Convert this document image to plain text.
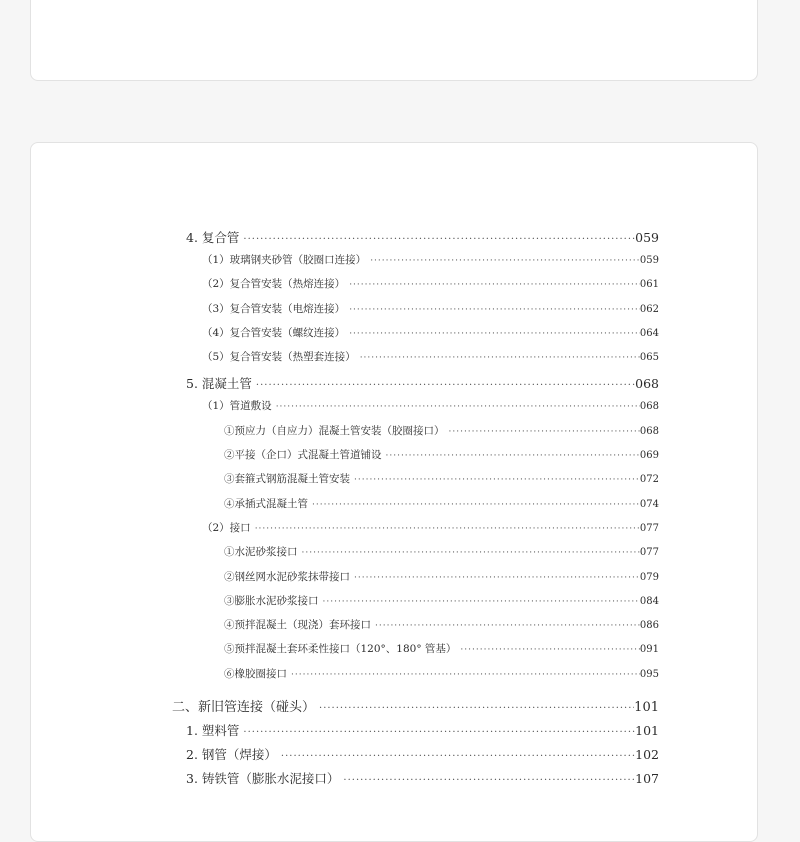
4. 复合管 ·····	059
（1）玻璃钢夹砂管（胶圈口连接） ·····	059
（2）复合管安装（热熔连接） ·····	061
（3）复合管安装（电熔连接） ·····	062
（4）复合管安装（螺纹连接） ·····	064
（5）复合管安装（热塑套连接） ·····	065
5. 混凝土管 ·····	068
（1）管道敷设 ·····	068
①预应力（自应力）混凝土管安装（胶圈接口） ·····	068
②平接（企口）式混凝土管道铺设 ·····	069
③套箍式钢筋混凝土管安装 ·····	072
④承插式混凝土管 ·····	074
（2）接口 ·····	077
①水泥砂浆接口 ·····	077
②钢丝网水泥砂浆抹带接口 ·····	079
③膨胀水泥砂浆接口 ·····	084
④预拌混凝土（现浇）套环接口 ·····	086
⑤预拌混凝土套环柔性接口（120°、180° 管基） ·····	091
⑥橡胶圈接口 ·····	095
二、新旧管连接（碰头） ·····	101
1. 塑料管 ·····	101
2. 钢管（焊接） ·····	102
3. 铸铁管（膨胀水泥接口） ·····	107
